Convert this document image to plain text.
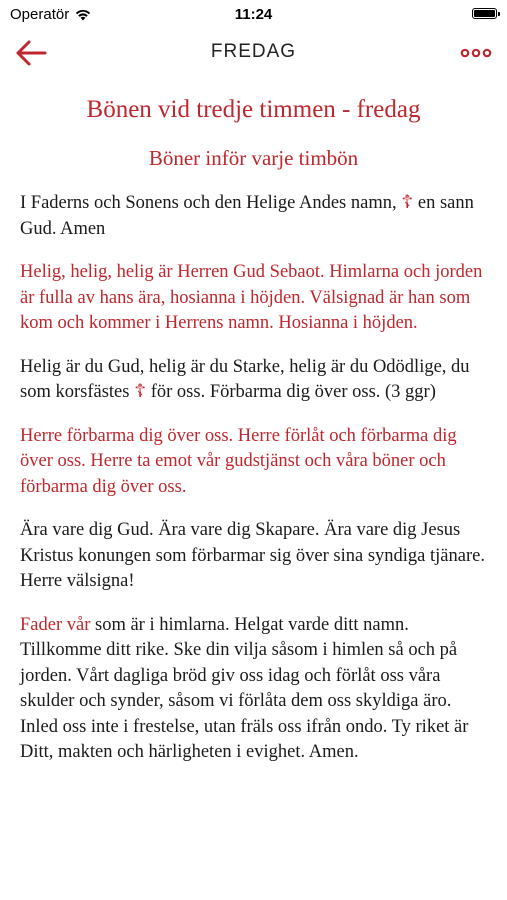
Operatör	11:24
FREDAG
Bönen vid tredje timmen - fredag
Böner inför varje timbön

I Faderns och Sonens och den Helige Andes namn, ☦ en sann Gud. Amen

Helig, helig, helig är Herren Gud Sebaot. Himlarna och jorden är fulla av hans ära, hosianna i höjden. Välsignad är han som kom och kommer i Herrens namn. Hosianna i höjden.

Helig är du Gud, helig är du Starke, helig är du Odödlige, du som korsfästes ☦ för oss. Förbarma dig över oss. (3 ggr)

Herre förbarma dig över oss. Herre förlåt och förbarma dig över oss. Herre ta emot vår gudstjänst och våra böner och förbarma dig över oss.

Ära vare dig Gud. Ära vare dig Skapare. Ära vare dig Jesus Kristus konungen som förbarmar sig över sina syndiga tjänare. Herre välsigna!

Fader vår som är i himlarna. Helgat varde ditt namn. Tillkomme ditt rike. Ske din vilja såsom i himlen så och på jorden. Vårt dagliga bröd giv oss idag och förlåt oss våra skulder och synder, såsom vi förlåta dem oss skyldiga äro. Inled oss inte i frestelse, utan fräls oss ifrån ondo. Ty riket är Ditt, makten och härligheten i evighet. Amen.
